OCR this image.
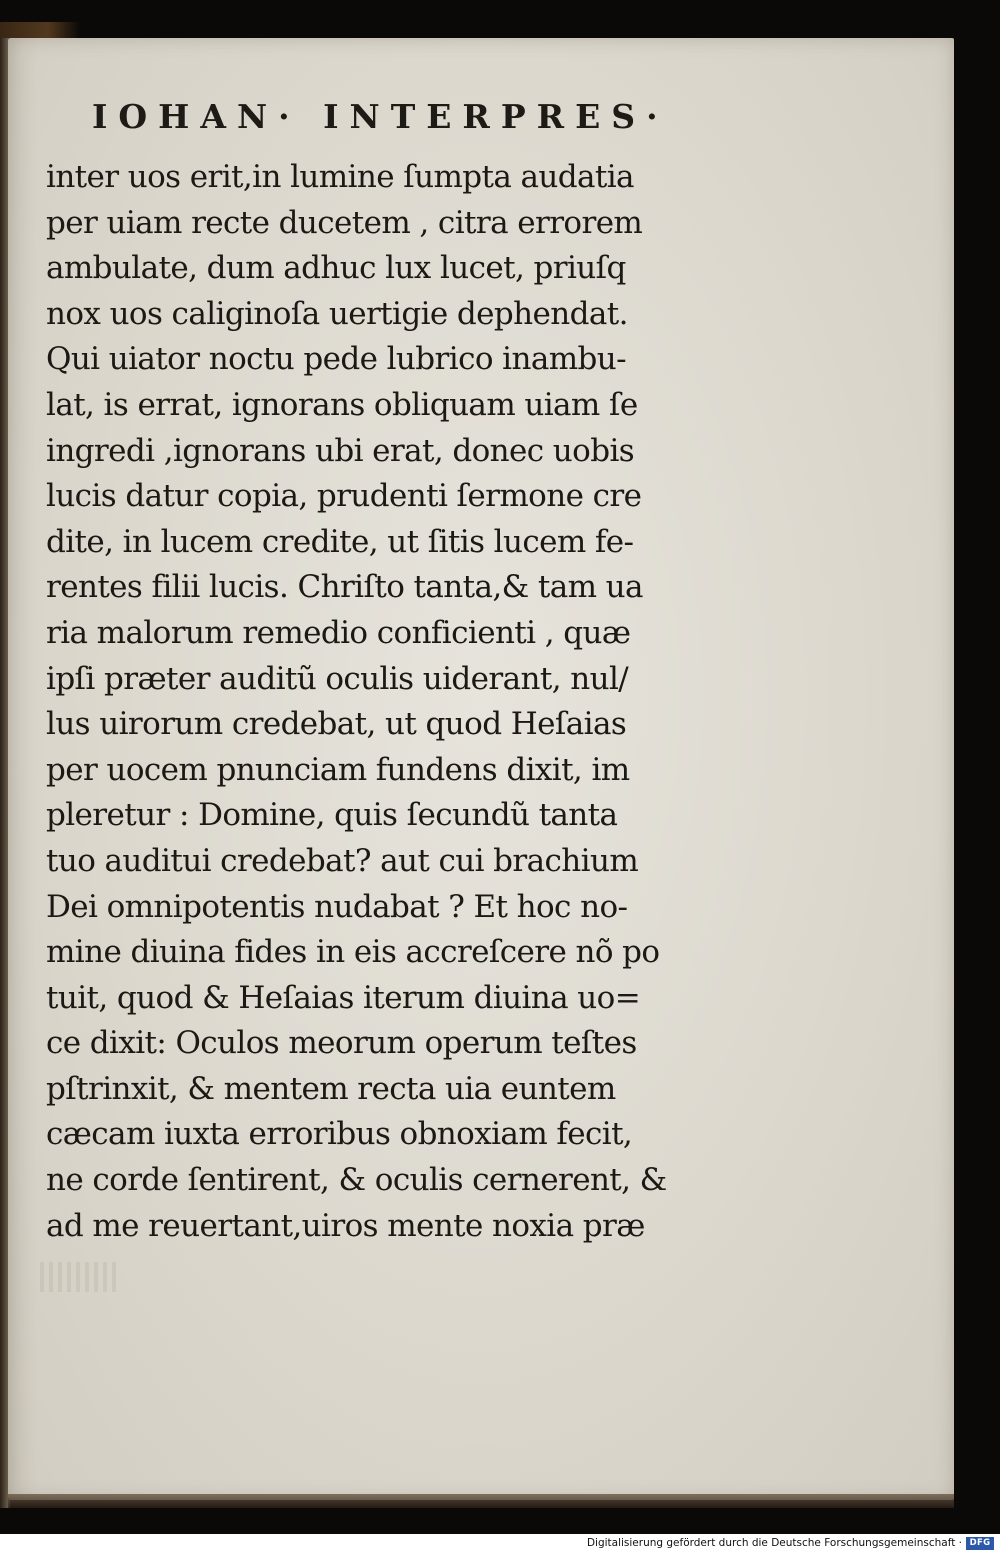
IOHAN· INTERPRES·
inter uos erit,in lumine ſumpta audatia
per uiam recte ducetem , citra errorem
ambulate, dum adhuc lux lucet, priuſq
nox uos caliginoſa uertigie dephendat.
Qui uiator noctu pede lubrico inambu-
lat, is errat, ignorans obliquam uiam ſe
ingredi ,ignorans ubi erat, donec uobis
lucis datur copia, prudenti ſermone cre
dite, in lucem credite, ut ſitis lucem fe-
rentes filii lucis. Chriſto tanta,& tam ua
ria malorum remedio conficienti , quæ
ipſi præter auditũ oculis uiderant, nul/
lus uirorum credebat, ut quod Heſaias
per uocem pnunciam fundens dixit, im
pleretur : Domine, quis ſecundũ tanta
tuo auditui credebat? aut cui brachium
Dei omnipotentis nudabat ? Et hoc no-
mine diuina fides in eis accreſcere nõ po
tuit, quod & Heſaias iterum diuina uo=
ce dixit: Oculos meorum operum teſtes
pſtrinxit, & mentem recta uia euntem
cæcam iuxta erroribus obnoxiam fecit,
ne corde ſentirent, & oculis cernerent, &
ad me reuertant,uiros mente noxia præ
Digitalisierung gefördert durch die Deutsche Forschungsgemeinschaft · DFG
